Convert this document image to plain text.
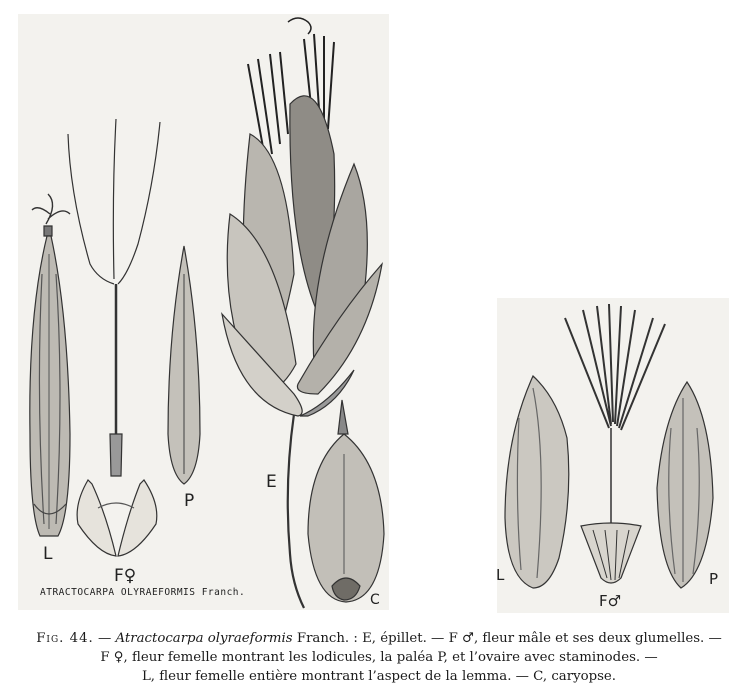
L
F♀
P
E
C
ATRACTOCARPA OLYRAEFORMIS Franch.
L
F♂
P
Fig. 44. — Atractocarpa olyraeformis Franch. : E, épillet. — F ♂, fleur mâle et ses deux glumelles. —
F ♀, fleur femelle montrant les lodicules, la paléa P, et l’ovaire avec staminodes. —
L, fleur femelle entière montrant l’aspect de la lemma. — C, caryopse.
